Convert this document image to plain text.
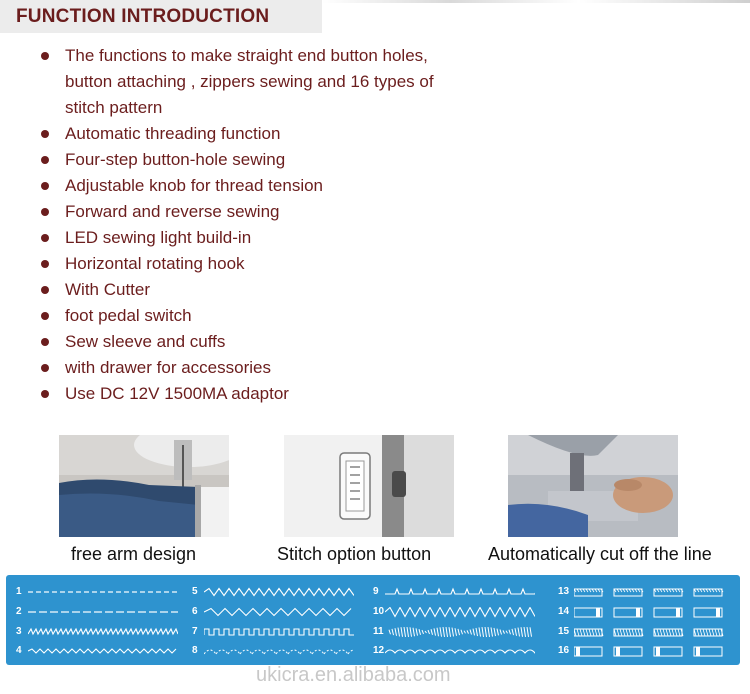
FUNCTION INTRODUCTION
The functions to make straight end button holes, button attaching , zippers sewing and 16 types of stitch pattern
Automatic threading function
Four-step button-hole sewing
Adjustable knob for thread tension
Forward and reverse sewing
LED sewing light build-in
Horizontal rotating hook
With Cutter
foot pedal switch
Sew sleeve and cuffs
with drawer for accessories
Use DC 12V 1500MA adaptor
free arm design	Stitch option button	Automatically cut off the line
1
2
3
4
5
6
7
8
9
10
11
12
13
14
15
16
ukicra.en.alibaba.com
